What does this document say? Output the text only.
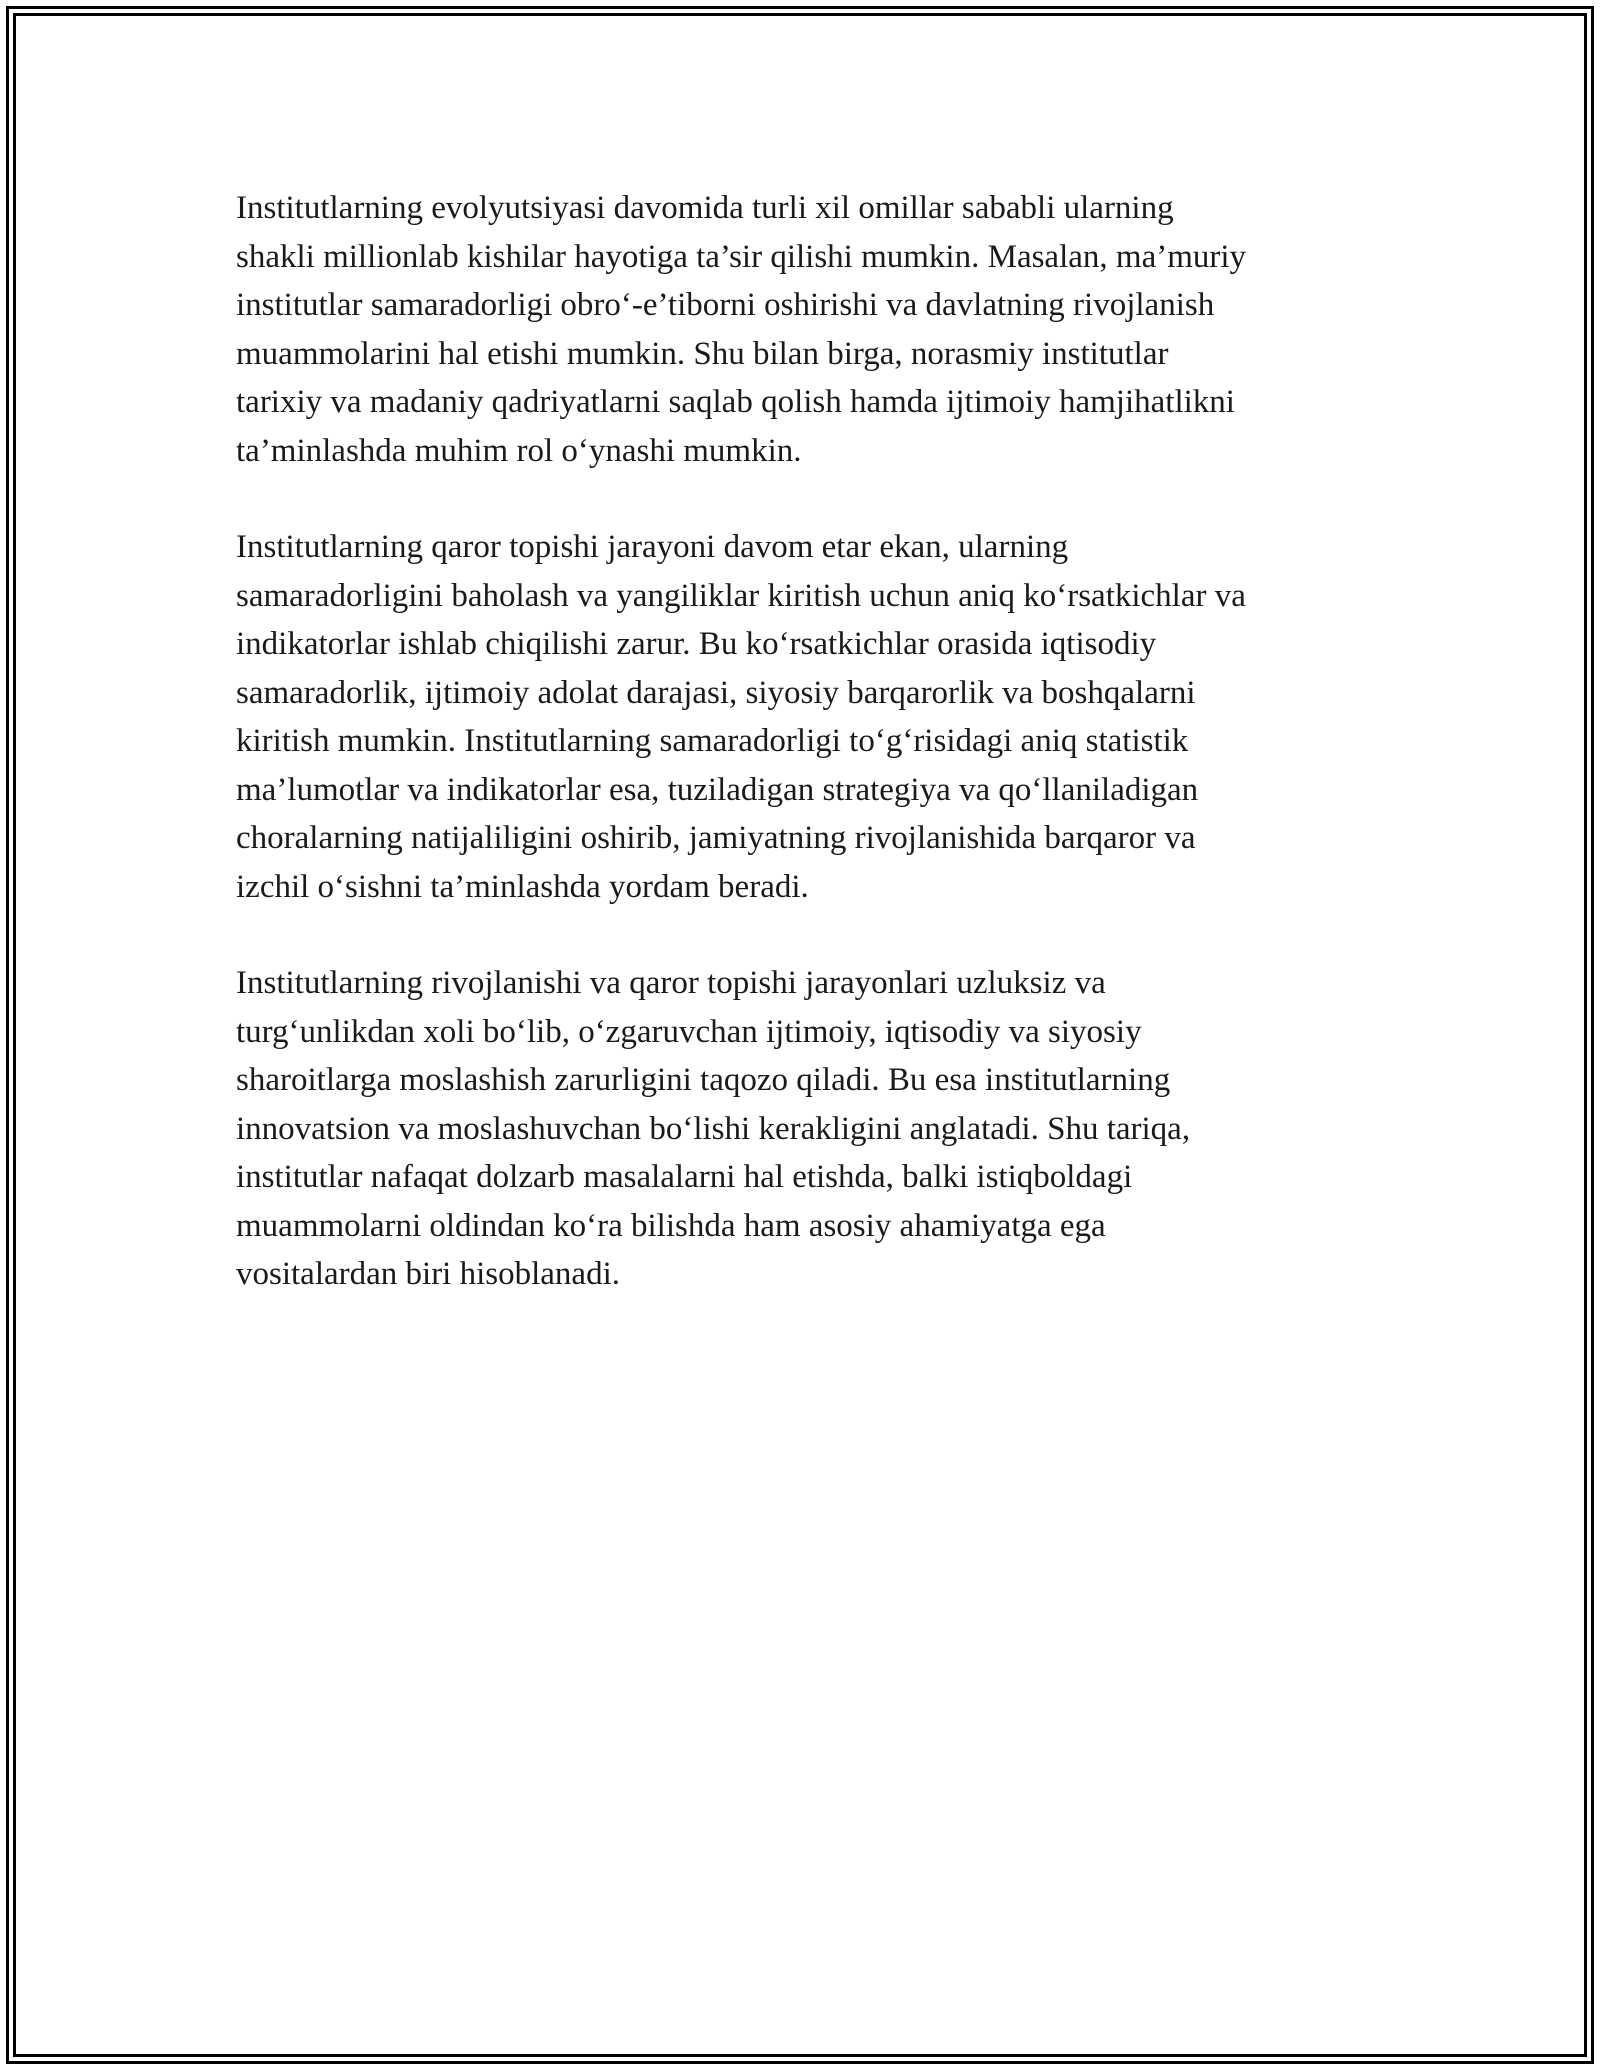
Institutlarning evolyutsiyasi davomida turli xil omillar sababli ularning
shakli millionlab kishilar hayotiga ta’sir qilishi mumkin. Masalan, ma’muriy
institutlar samaradorligi obro‘-e’tiborni oshirishi va davlatning rivojlanish
muammolarini hal etishi mumkin. Shu bilan birga, norasmiy institutlar
tarixiy va madaniy qadriyatlarni saqlab qolish hamda ijtimoiy hamjihatlikni
ta’minlashda muhim rol o‘ynashi mumkin.

Institutlarning qaror topishi jarayoni davom etar ekan, ularning
samaradorligini baholash va yangiliklar kiritish uchun aniq ko‘rsatkichlar va
indikatorlar ishlab chiqilishi zarur. Bu ko‘rsatkichlar orasida iqtisodiy
samaradorlik, ijtimoiy adolat darajasi, siyosiy barqarorlik va boshqalarni
kiritish mumkin. Institutlarning samaradorligi to‘g‘risidagi aniq statistik
ma’lumotlar va indikatorlar esa, tuziladigan strategiya va qo‘llaniladigan
choralarning natijaliligini oshirib, jamiyatning rivojlanishida barqaror va
izchil o‘sishni ta’minlashda yordam beradi.

Institutlarning rivojlanishi va qaror topishi jarayonlari uzluksiz va
turg‘unlikdan xoli bo‘lib, o‘zgaruvchan ijtimoiy, iqtisodiy va siyosiy
sharoitlarga moslashish zarurligini taqozo qiladi. Bu esa institutlarning
innovatsion va moslashuvchan bo‘lishi kerakligini anglatadi. Shu tariqa,
institutlar nafaqat dolzarb masalalarni hal etishda, balki istiqboldagi
muammolarni oldindan ko‘ra bilishda ham asosiy ahamiyatga ega
vositalardan biri hisoblanadi.
